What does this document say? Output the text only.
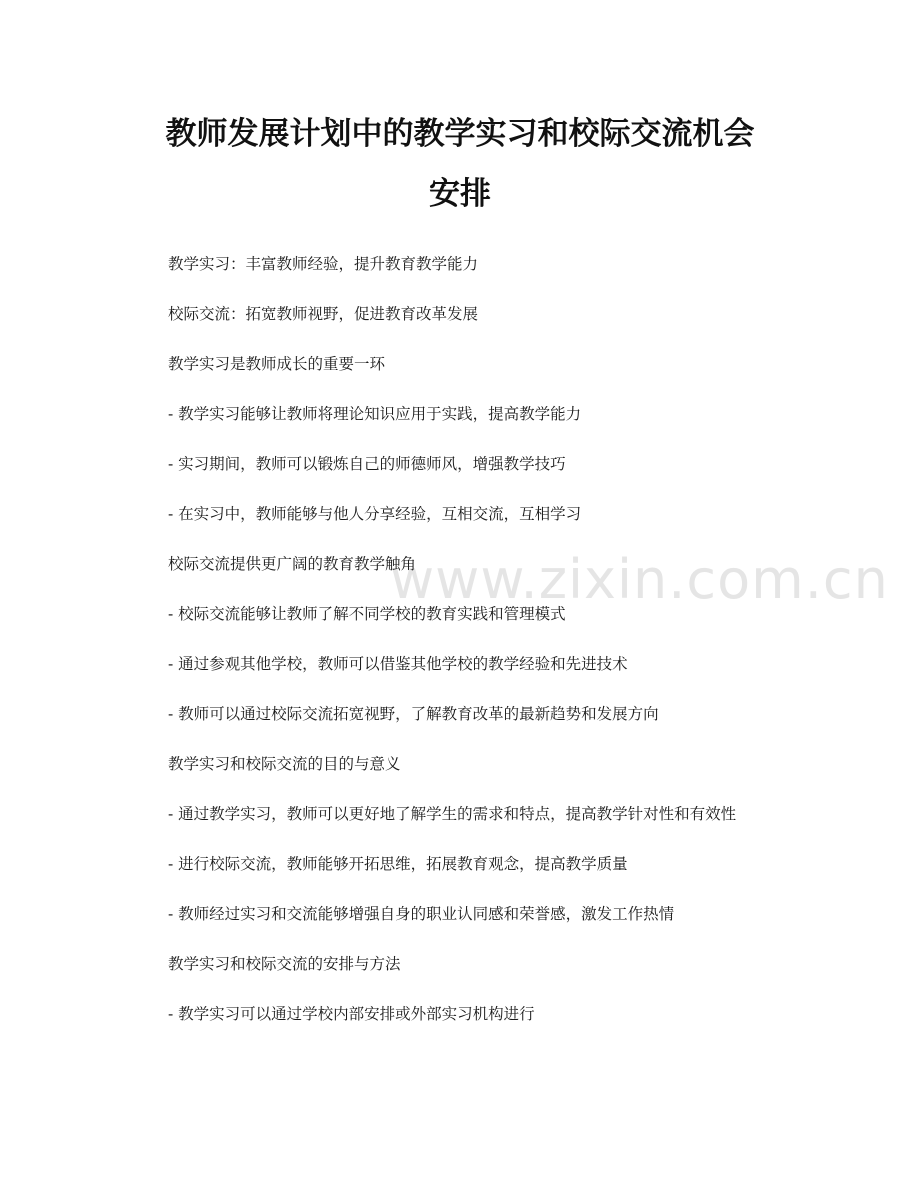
教师发展计划中的教学实习和校际交流机会
安排
www.zixin.com.cn

教学实习：丰富教师经验，提升教育教学能力

校际交流：拓宽教师视野，促进教育改革发展

教学实习是教师成长的重要一环

- 教学实习能够让教师将理论知识应用于实践，提高教学能力

- 实习期间，教师可以锻炼自己的师德师风，增强教学技巧

- 在实习中，教师能够与他人分享经验，互相交流，互相学习

校际交流提供更广阔的教育教学触角

- 校际交流能够让教师了解不同学校的教育实践和管理模式

- 通过参观其他学校，教师可以借鉴其他学校的教学经验和先进技术

- 教师可以通过校际交流拓宽视野，了解教育改革的最新趋势和发展方向

教学实习和校际交流的目的与意义

- 通过教学实习，教师可以更好地了解学生的需求和特点，提高教学针对性和有效性

- 进行校际交流，教师能够开拓思维，拓展教育观念，提高教学质量

- 教师经过实习和交流能够增强自身的职业认同感和荣誉感，激发工作热情

教学实习和校际交流的安排与方法

- 教学实习可以通过学校内部安排或外部实习机构进行
